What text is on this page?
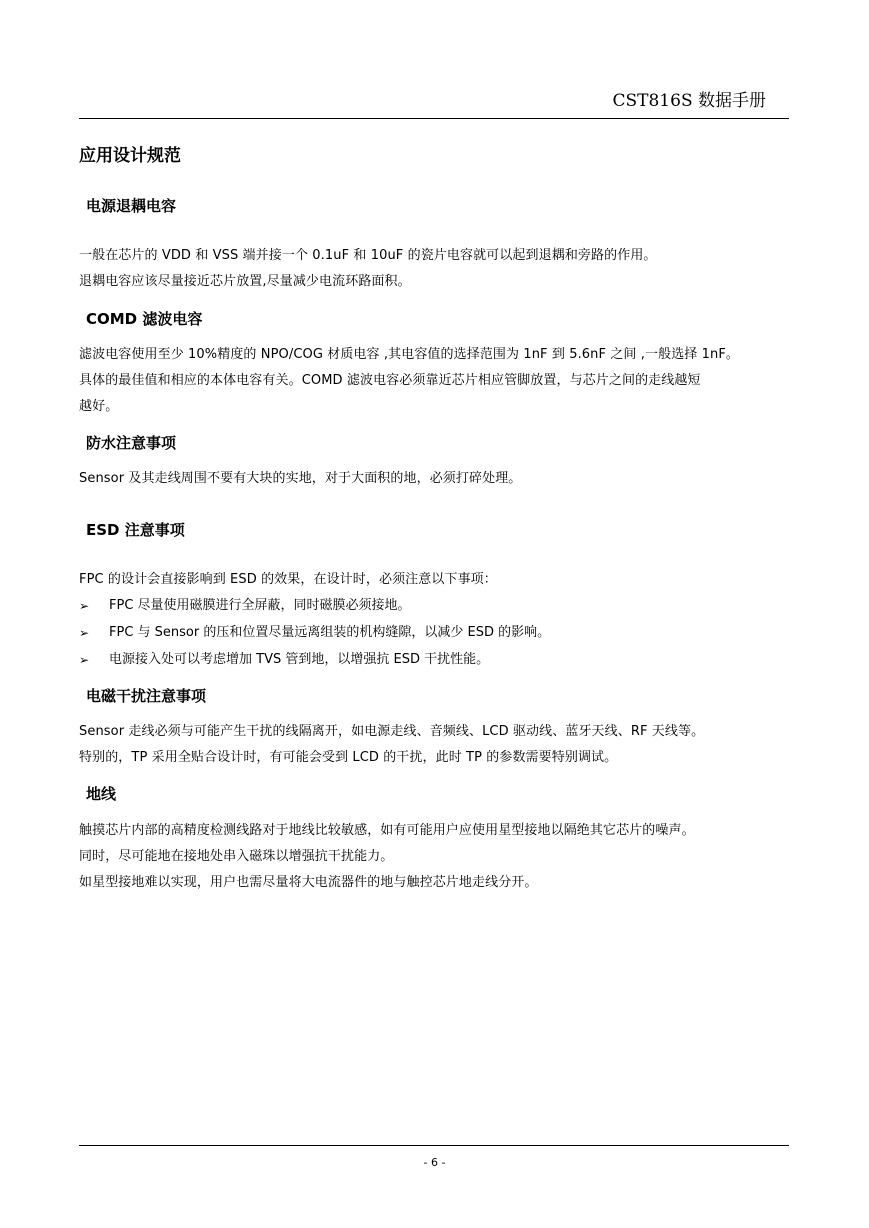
CST816S 数据手册
应用设计规范
电源退耦电容
一般在芯片的 VDD 和 VSS 端并接一个 0.1uF 和 10uF 的瓷片电容就可以起到退耦和旁路的作用。
退耦电容应该尽量接近芯片放置,尽量减少电流环路面积。
COMD 滤波电容
滤波电容使用至少 10%精度的 NPO/COG 材质电容 ,其电容值的选择范围为 1nF 到 5.6nF 之间 ,一般选择 1nF。
具体的最佳值和相应的本体电容有关。COMD 滤波电容必须靠近芯片相应管脚放置，与芯片之间的走线越短
越好。
防水注意事项
Sensor 及其走线周围不要有大块的实地，对于大面积的地，必须打碎处理。
ESD 注意事项
FPC 的设计会直接影响到 ESD 的效果，在设计时，必须注意以下事项：
➢ FPC 尽量使用磁膜进行全屏蔽，同时磁膜必须接地。
➢ FPC 与 Sensor 的压和位置尽量远离组装的机构缝隙，以减少 ESD 的影响。
➢ 电源接入处可以考虑增加 TVS 管到地，以增强抗 ESD 干扰性能。
电磁干扰注意事项
Sensor 走线必须与可能产生干扰的线隔离开，如电源走线、音频线、LCD 驱动线、蓝牙天线、RF 天线等。
特别的，TP 采用全贴合设计时，有可能会受到 LCD 的干扰，此时 TP 的参数需要特别调试。
地线
触摸芯片内部的高精度检测线路对于地线比较敏感，如有可能用户应使用星型接地以隔绝其它芯片的噪声。
同时，尽可能地在接地处串入磁珠以增强抗干扰能力。
如星型接地难以实现，用户也需尽量将大电流器件的地与触控芯片地走线分开。
- 6 -
